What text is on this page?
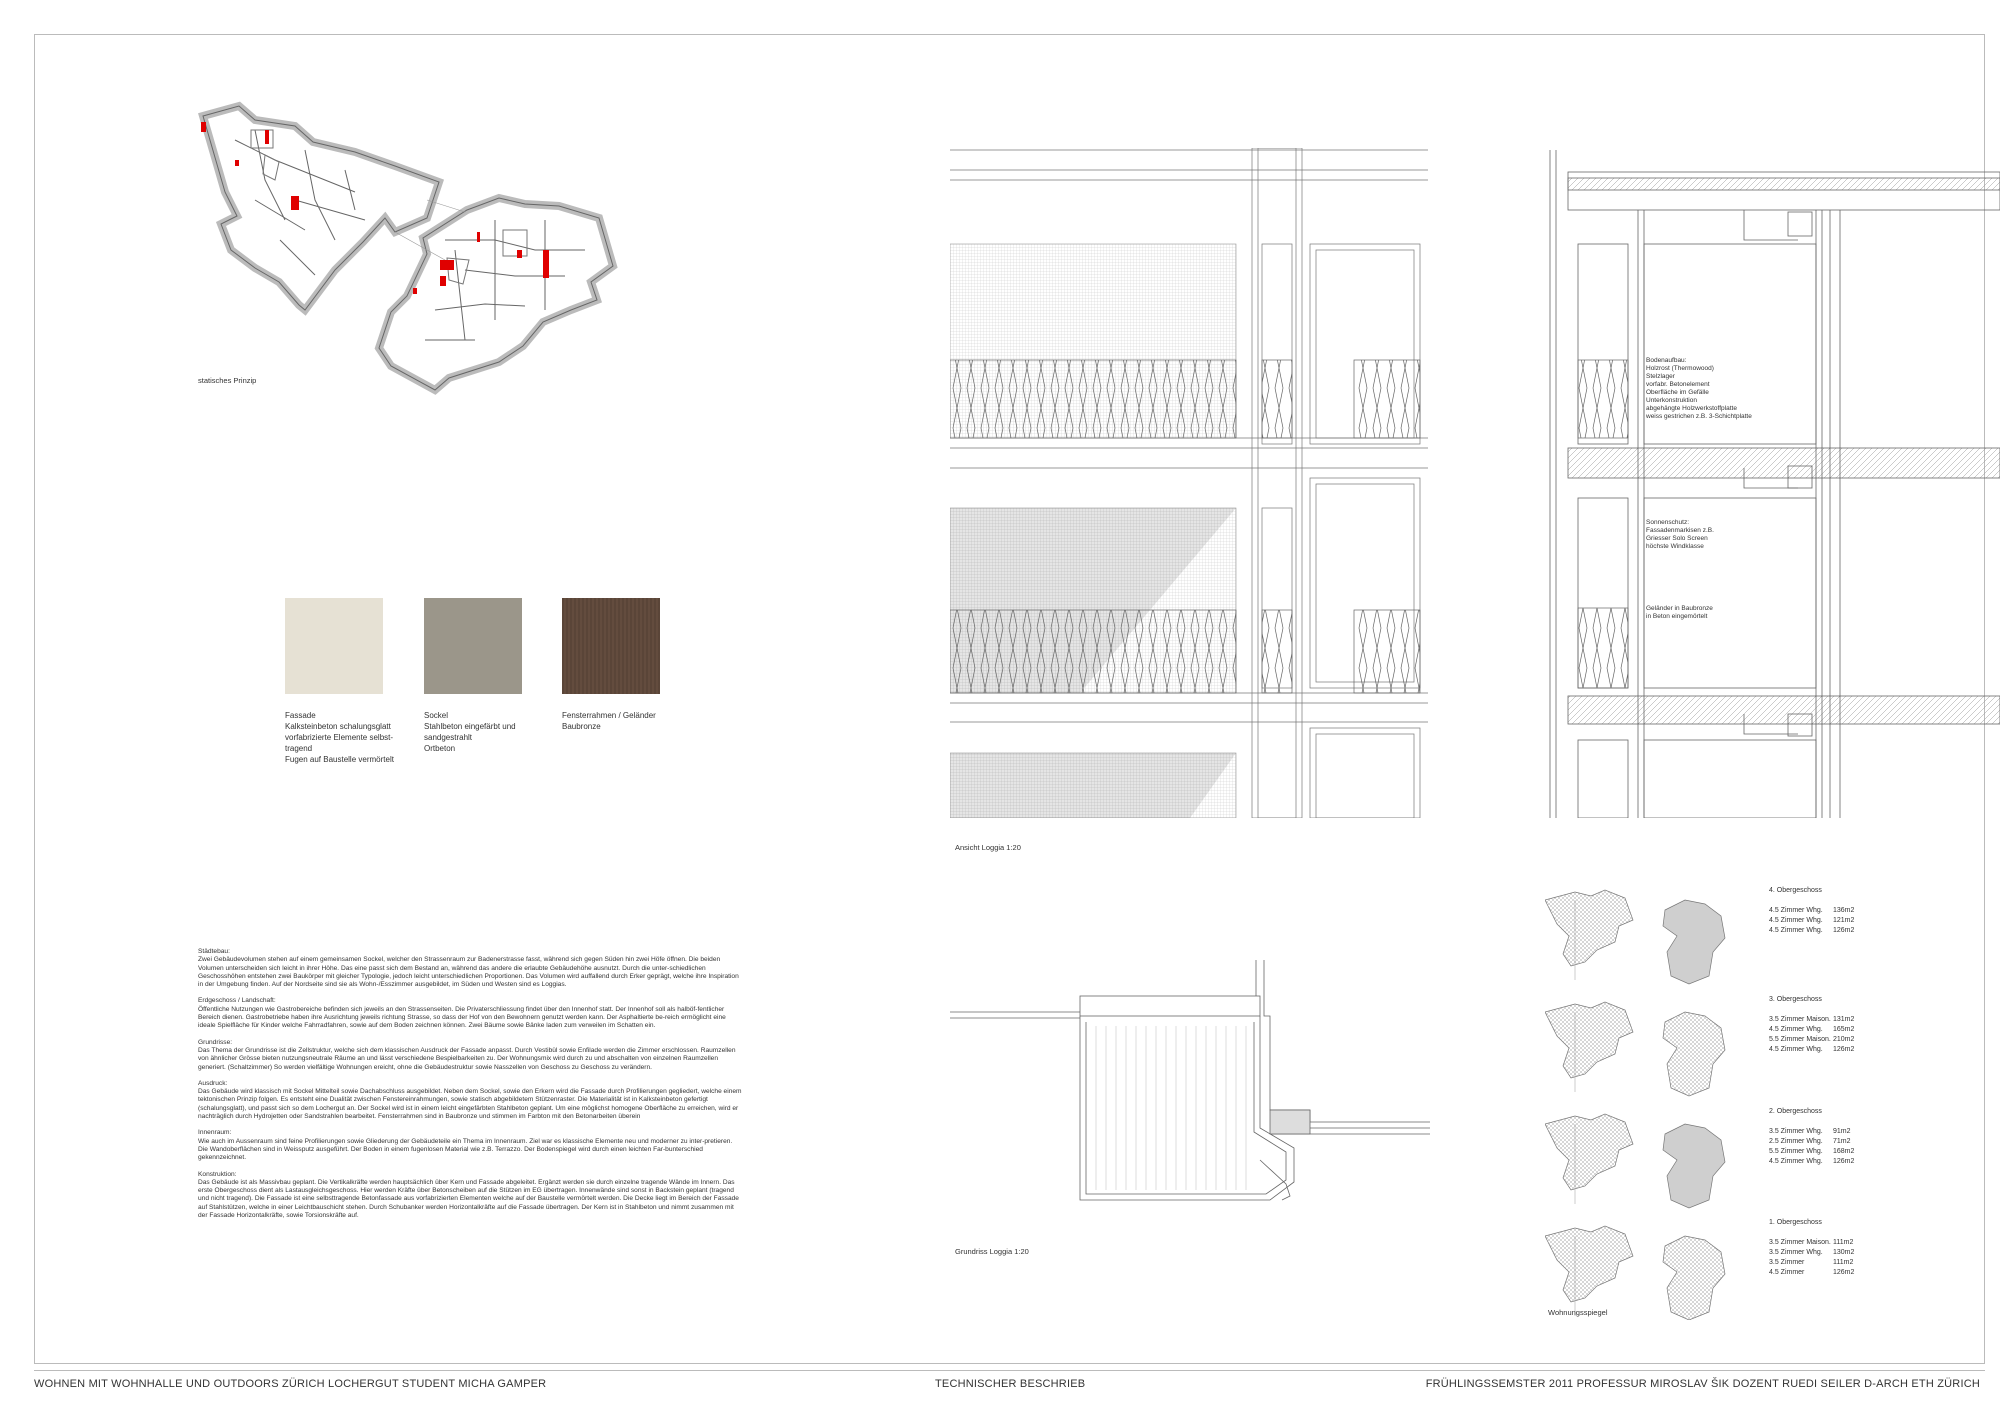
statisches Prinzip
Fassade
Kalksteinbeton schalungsglatt
vorfabrizierte Elemente selbst-
tragend
Fugen auf Baustelle vermörtelt
Sockel
Stahlbeton eingefärbt und
sandgestrahlt
Ortbeton
Fensterrahmen / Geländer
Baubronze
Städtebau:
Zwei Gebäudevolumen stehen auf einem gemeinsamen Sockel, welcher den Strassenraum zur Badenerstrasse fasst, während sich gegen Süden hin zwei Höfe öffnen. Die beiden Volumen unterscheiden sich leicht in ihrer Höhe. Das eine passt sich dem Bestand an, während das andere die erlaubte Gebäudehöhe ausnutzt. Durch die unter-schiedlichen Geschosshöhen entstehen zwei Baukörper mit gleicher Typologie, jedoch leicht unterschiedlichen Proportionen. Das Volumen wird auffallend durch Erker geprägt, welche ihre Inspiration in der Umgebung finden. Auf der Nordseite sind sie als Wohn-/Esszimmer ausgebildet, im Süden und Westen sind es Loggias.
Erdgeschoss / Landschaft:
Öffentliche Nutzungen wie Gastrobereiche befinden sich jeweils an den Strassenseiten. Die Privaterschliessung findet über den Innenhof statt. Der Innenhof soll als halböf-fentlicher Bereich dienen. Gastrobetriebe haben ihre Ausrichtung jeweils richtung Strasse, so dass der Hof von den Bewohnern genutzt werden kann. Der Asphaltierte be-reich ermöglicht eine ideale Spielfläche für Kinder welche Fahrradfahren, sowie auf dem Boden zeichnen können. Zwei Bäume sowie Bänke laden zum verweilen im Schatten ein.
Grundrisse:
Das Thema der Grundrisse ist die Zellstruktur, welche sich dem klassischen Ausdruck der Fassade anpasst. Durch Vestibül sowie Enfilade werden die Zimmer erschlossen. Raumzellen von ähnlicher Grösse bieten nutzungsneutrale Räume an und lässt verschiedene Bespielbarkeiten zu. Der Wohnungsmix wird durch zu und abschalten von einzelnen Raumzellen generiert. (Schaltzimmer) So werden vielfältige Wohnungen ereicht, ohne die Gebäudestruktur sowie Nasszellen von Geschoss zu Geschoss zu verändern.
Ausdruck:
Das Gebäude wird klassisch mit Sockel Mittelteil sowie Dachabschluss ausgebildet. Neben dem Sockel, sowie den Erkern wird die Fassade durch Profilierungen gegliedert, welche einem tektonischen Prinzip folgen. Es entsteht eine Dualität zwischen Fenstereinrahmungen, sowie statisch abgebildetem Stützenraster. Die Materialität ist in Kalksteinbeton gefertigt (schalungsglatt), und passt sich so dem Lochergut an. Der Sockel wird ist in einem leicht eingefärbten Stahlbeton geplant. Um eine möglichst homogene Oberfläche zu erreichen, wird er nachträglich durch Hydrojetten oder Sandstrahlen bearbeitet. Fensterrahmen sind in Baubronze und stimmen im Farbton mit den Betonarbeiten überein
Innenraum:
Wie auch im Aussenraum sind feine Profilierungen sowie Gliederung der Gebäudeteile ein Thema im Innenraum. Ziel war es klassische Elemente neu und moderner zu inter-pretieren. Die Wandoberflächen sind in Weissputz ausgeführt. Der Boden in einem fugenlosen Material wie z.B. Terrazzo. Der Bodenspiegel wird durch einen leichten Far-bunterschied gekennzeichnet.
Konstruktion:
Das Gebäude ist als Massivbau geplant. Die Vertikalkräfte werden hauptsächlich über Kern und Fassade abgeleitet. Ergänzt werden sie durch einzelne tragende Wände im Innern. Das erste Obergeschoss dient als Lastausgleichsgeschoss. Hier werden Kräfte über Betonscheiben auf die Stützen im EG übertragen. Innenwände sind sonst in Backstein geplant (tragend und nicht tragend). Die Fassade ist eine selbsttragende Betonfassade aus vorfabrizierten Elementen welche auf der Baustelle vermörtelt werden. Die Decke liegt im Bereich der Fassade auf Stahlstützen, welche in einer Leichtbauschicht stehen. Durch Schubanker werden Horizontalkräfte auf die Fassade übertragen. Der Kern ist in Stahlbeton und nimmt zusammen mit der Fassade Horizontalkräfte, sowie Torsionskräfte auf.
Ansicht Loggia 1:20
Bodenaufbau:
Holzrost (Thermowood)
Stelzlager
vorfabr. Betonelement
Oberfläche im Gefälle
Unterkonstruktion
abgehängte Holzwerkstoffplatte
weiss gestrichen z.B. 3-Schichtplatte
Sonnenschutz:
Fassadenmarkisen z.B.
Griesser Solo Screen
höchste Windklasse
Geländer in Baubronze
in Beton eingemörtelt
Grundriss Loggia 1:20
4. Obergeschoss
4.5 Zimmer Whg.	136m2
4.5 Zimmer Whg.	121m2
4.5 Zimmer Whg.	126m2
3. Obergeschoss
3.5 Zimmer Maison. 131m2
4.5 Zimmer Whg.	165m2
5.5 Zimmer Maison. 210m2
4.5 Zimmer Whg.	126m2
2. Obergeschoss
3.5 Zimmer Whg.	91m2
2.5 Zimmer Whg.	71m2
5.5 Zimmer Whg.	168m2
4.5 Zimmer Whg.	126m2
1. Obergeschoss
3.5 Zimmer Maison. 111m2
3.5 Zimmer Whg.	130m2
3.5 Zimmer	111m2
4.5 Zimmer	126m2
Wohnungsspiegel
WOHNEN MIT WOHNHALLE UND OUTDOORS ZÜRICH LOCHERGUT STUDENT MICHA GAMPER	TECHNISCHER BESCHRIEB	FRÜHLINGSSEMSTER 2011 PROFESSUR MIROSLAV ŠIK DOZENT RUEDI SEILER D-ARCH ETH ZÜRICH
